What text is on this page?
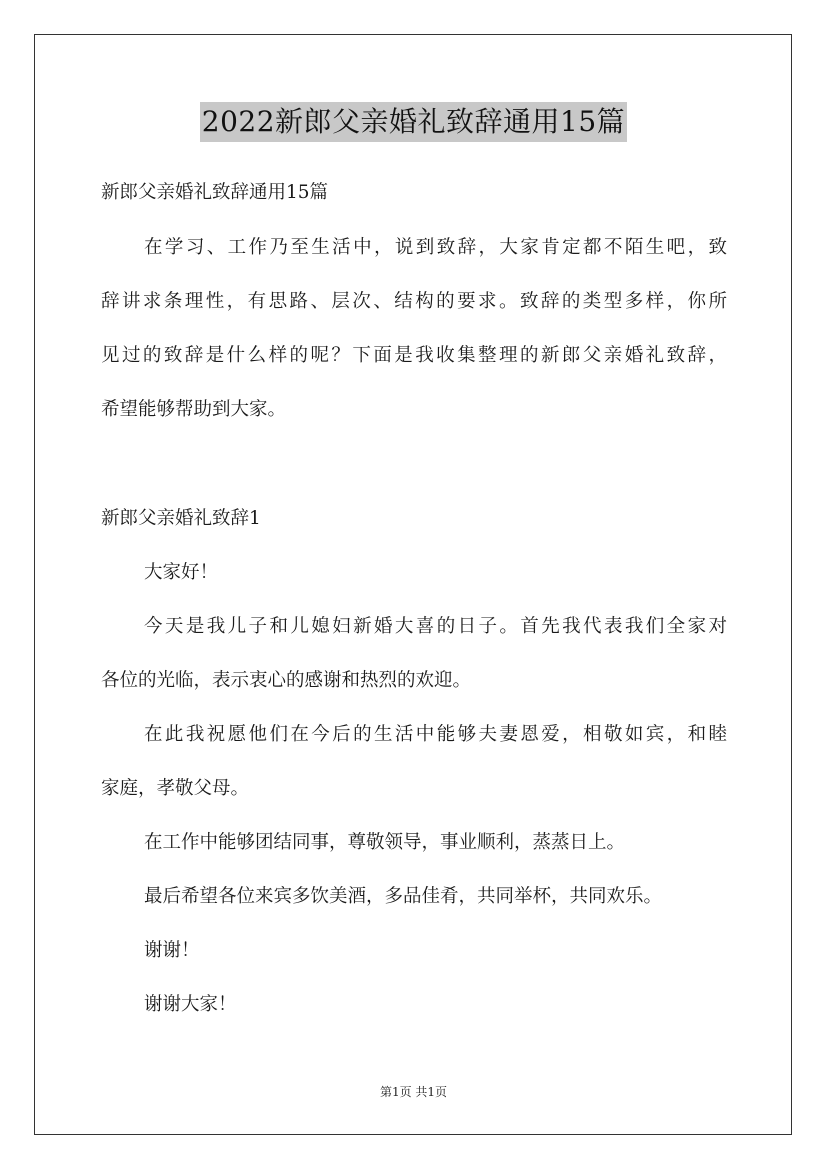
2022新郎父亲婚礼致辞通用15篇
新郎父亲婚礼致辞通用15篇
在学习、工作乃至生活中，说到致辞，大家肯定都不陌生吧，致
辞讲求条理性，有思路、层次、结构的要求。致辞的类型多样，你所
见过的致辞是什么样的呢？下面是我收集整理的新郎父亲婚礼致辞，
希望能够帮助到大家。
新郎父亲婚礼致辞1
大家好！
今天是我儿子和儿媳妇新婚大喜的日子。首先我代表我们全家对
各位的光临，表示衷心的感谢和热烈的欢迎。
在此我祝愿他们在今后的生活中能够夫妻恩爱，相敬如宾，和睦
家庭，孝敬父母。
在工作中能够团结同事，尊敬领导，事业顺利，蒸蒸日上。
最后希望各位来宾多饮美酒，多品佳肴，共同举杯，共同欢乐。
谢谢！
谢谢大家！
第1页 共1页
